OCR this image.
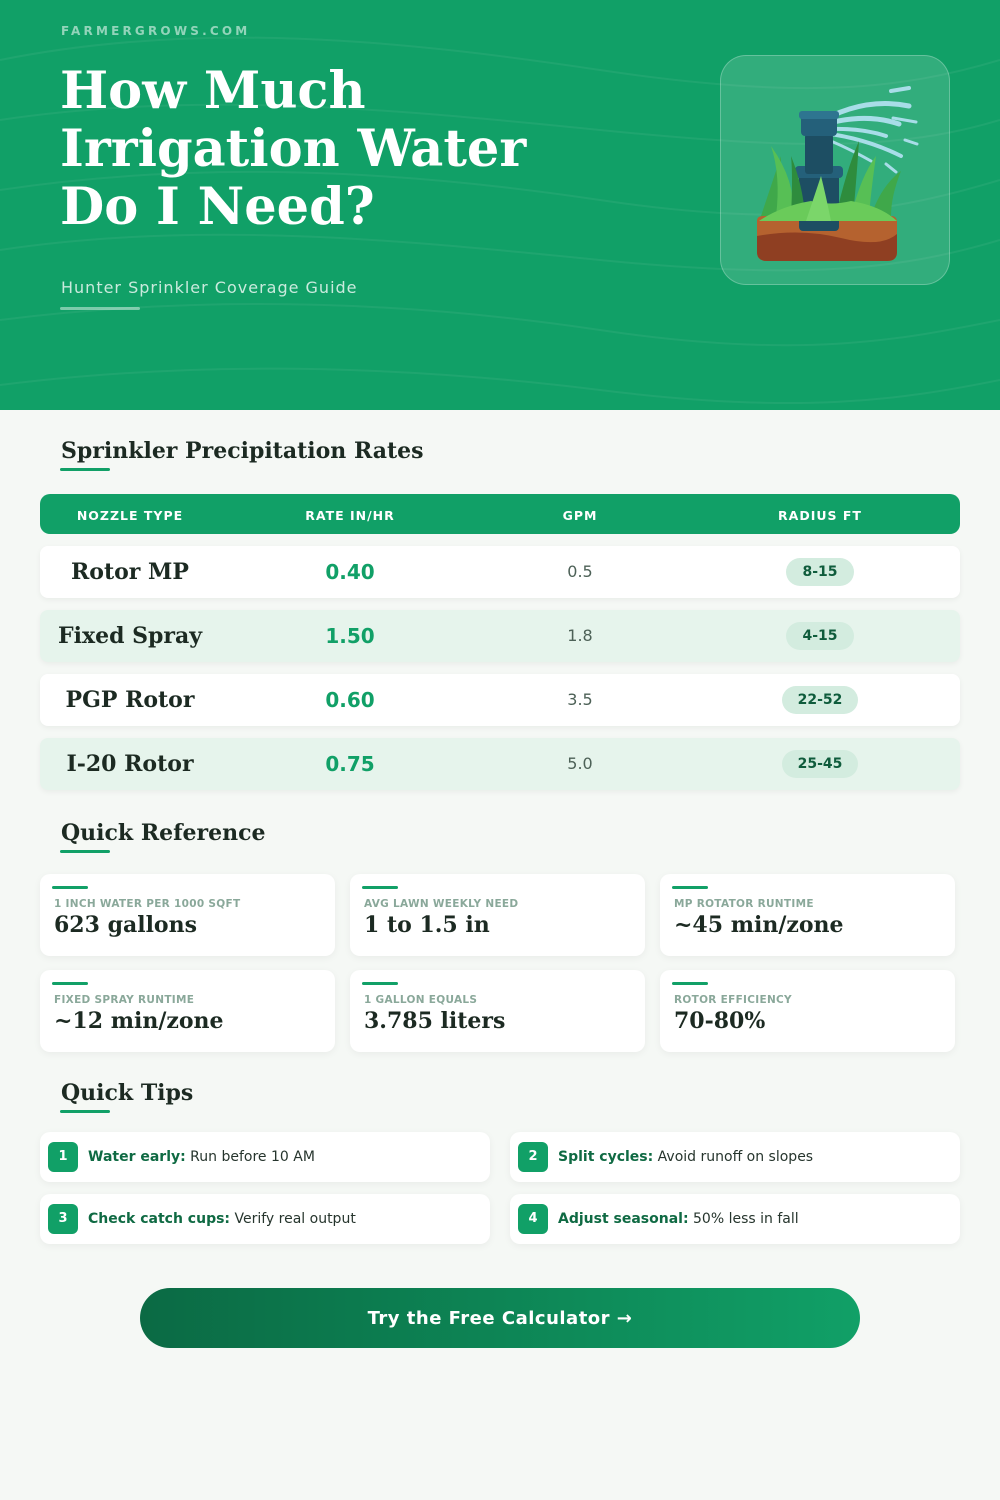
FARMERGROWS.COM
How Much Irrigation Water Do I Need?
Hunter Sprinkler Coverage Guide
Sprinkler Precipitation Rates
NOZZLE TYPE	RATE IN/HR	GPM	RADIUS FT
Rotor MP	0.40	0.5	8-15
Fixed Spray	1.50	1.8	4-15
PGP Rotor	0.60	3.5	22-52
I-20 Rotor	0.75	5.0	25-45
Quick Reference
1 INCH WATER PER 1000 SQFT
623 gallons
AVG LAWN WEEKLY NEED
1 to 1.5 in
MP ROTATOR RUNTIME
~45 min/zone
FIXED SPRAY RUNTIME
~12 min/zone
1 GALLON EQUALS
3.785 liters
ROTOR EFFICIENCY
70-80%
Quick Tips
1	Water early: Run before 10 AM	2	Split cycles: Avoid runoff on slopes
3	Check catch cups: Verify real output	4	Adjust seasonal: 50% less in fall
Try the Free Calculator →
